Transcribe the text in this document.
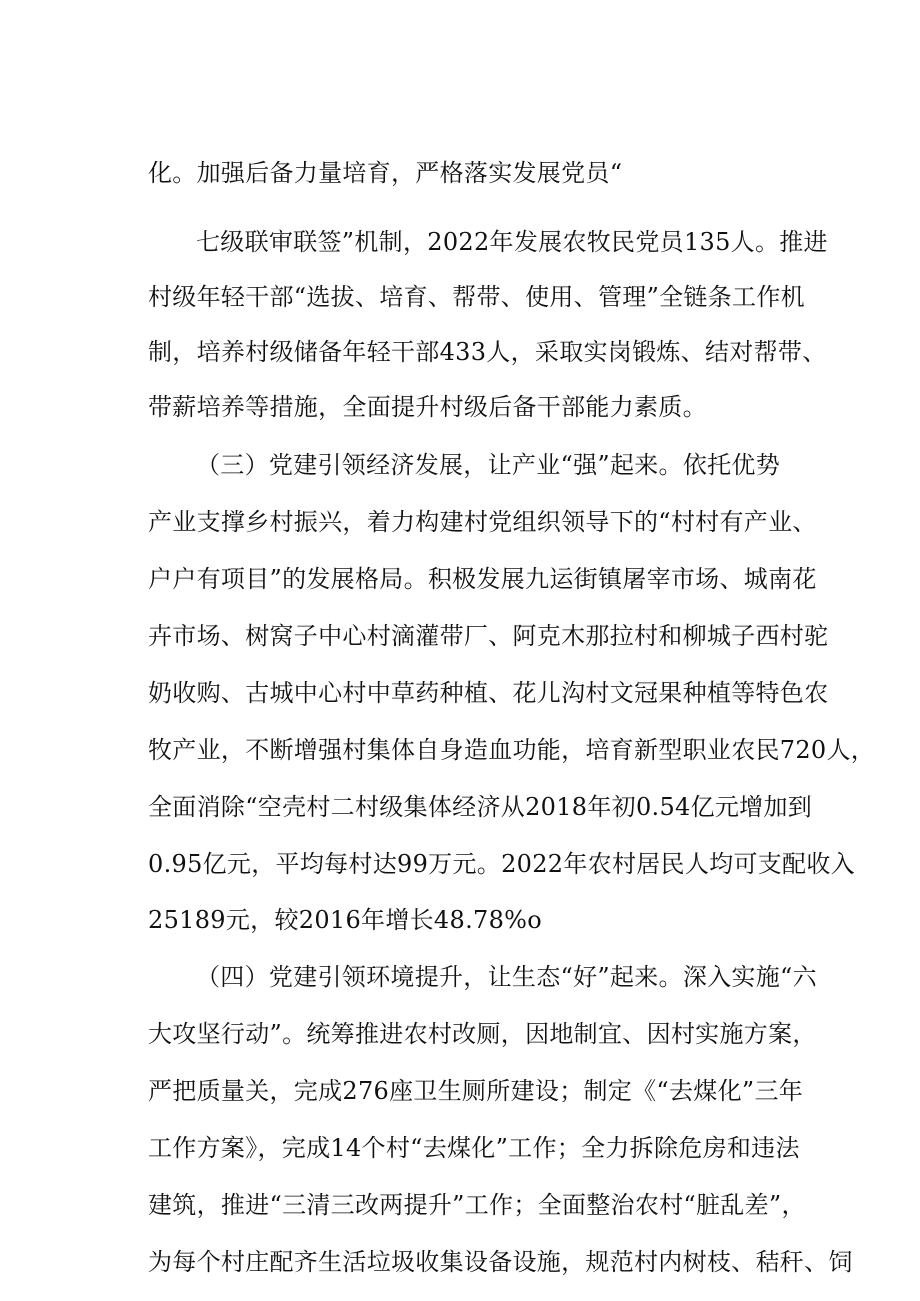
化。加强后备力量培育，严格落实发展党员“
七级联审联签”机制，2022年发展农牧民党员135人。推进
村级年轻干部“选拔、培育、帮带、使用、管理”全链条工作机
制，培养村级储备年轻干部433人，采取实岗锻炼、结对帮带、
带薪培养等措施，全面提升村级后备干部能力素质。
（三）党建引领经济发展，让产业“强”起来。依托优势
产业支撑乡村振兴，着力构建村党组织领导下的“村村有产业、
户户有项目”的发展格局。积极发展九运街镇屠宰市场、城南花
卉市场、树窝子中心村滴灌带厂、阿克木那拉村和柳城子西村驼
奶收购、古城中心村中草药种植、花儿沟村文冠果种植等特色农
牧产业，不断增强村集体自身造血功能，培育新型职业农民720人，
全面消除“空壳村二村级集体经济从2018年初0.54亿元增加到
0.95亿元，平均每村达99万元。2022年农村居民人均可支配收入
25189元，较2016年增长48.78%o
（四）党建引领环境提升，让生态“好”起来。深入实施“六
大攻坚行动”。统筹推进农村改厕，因地制宜、因村实施方案，
严把质量关，完成276座卫生厕所建设；制定《“去煤化”三年
工作方案》，完成14个村“去煤化”工作；全力拆除危房和违法
建筑，推进“三清三改两提升”工作；全面整治农村“脏乱差”，
为每个村庄配齐生活垃圾收集设备设施，规范村内树枝、秸秆、饲
